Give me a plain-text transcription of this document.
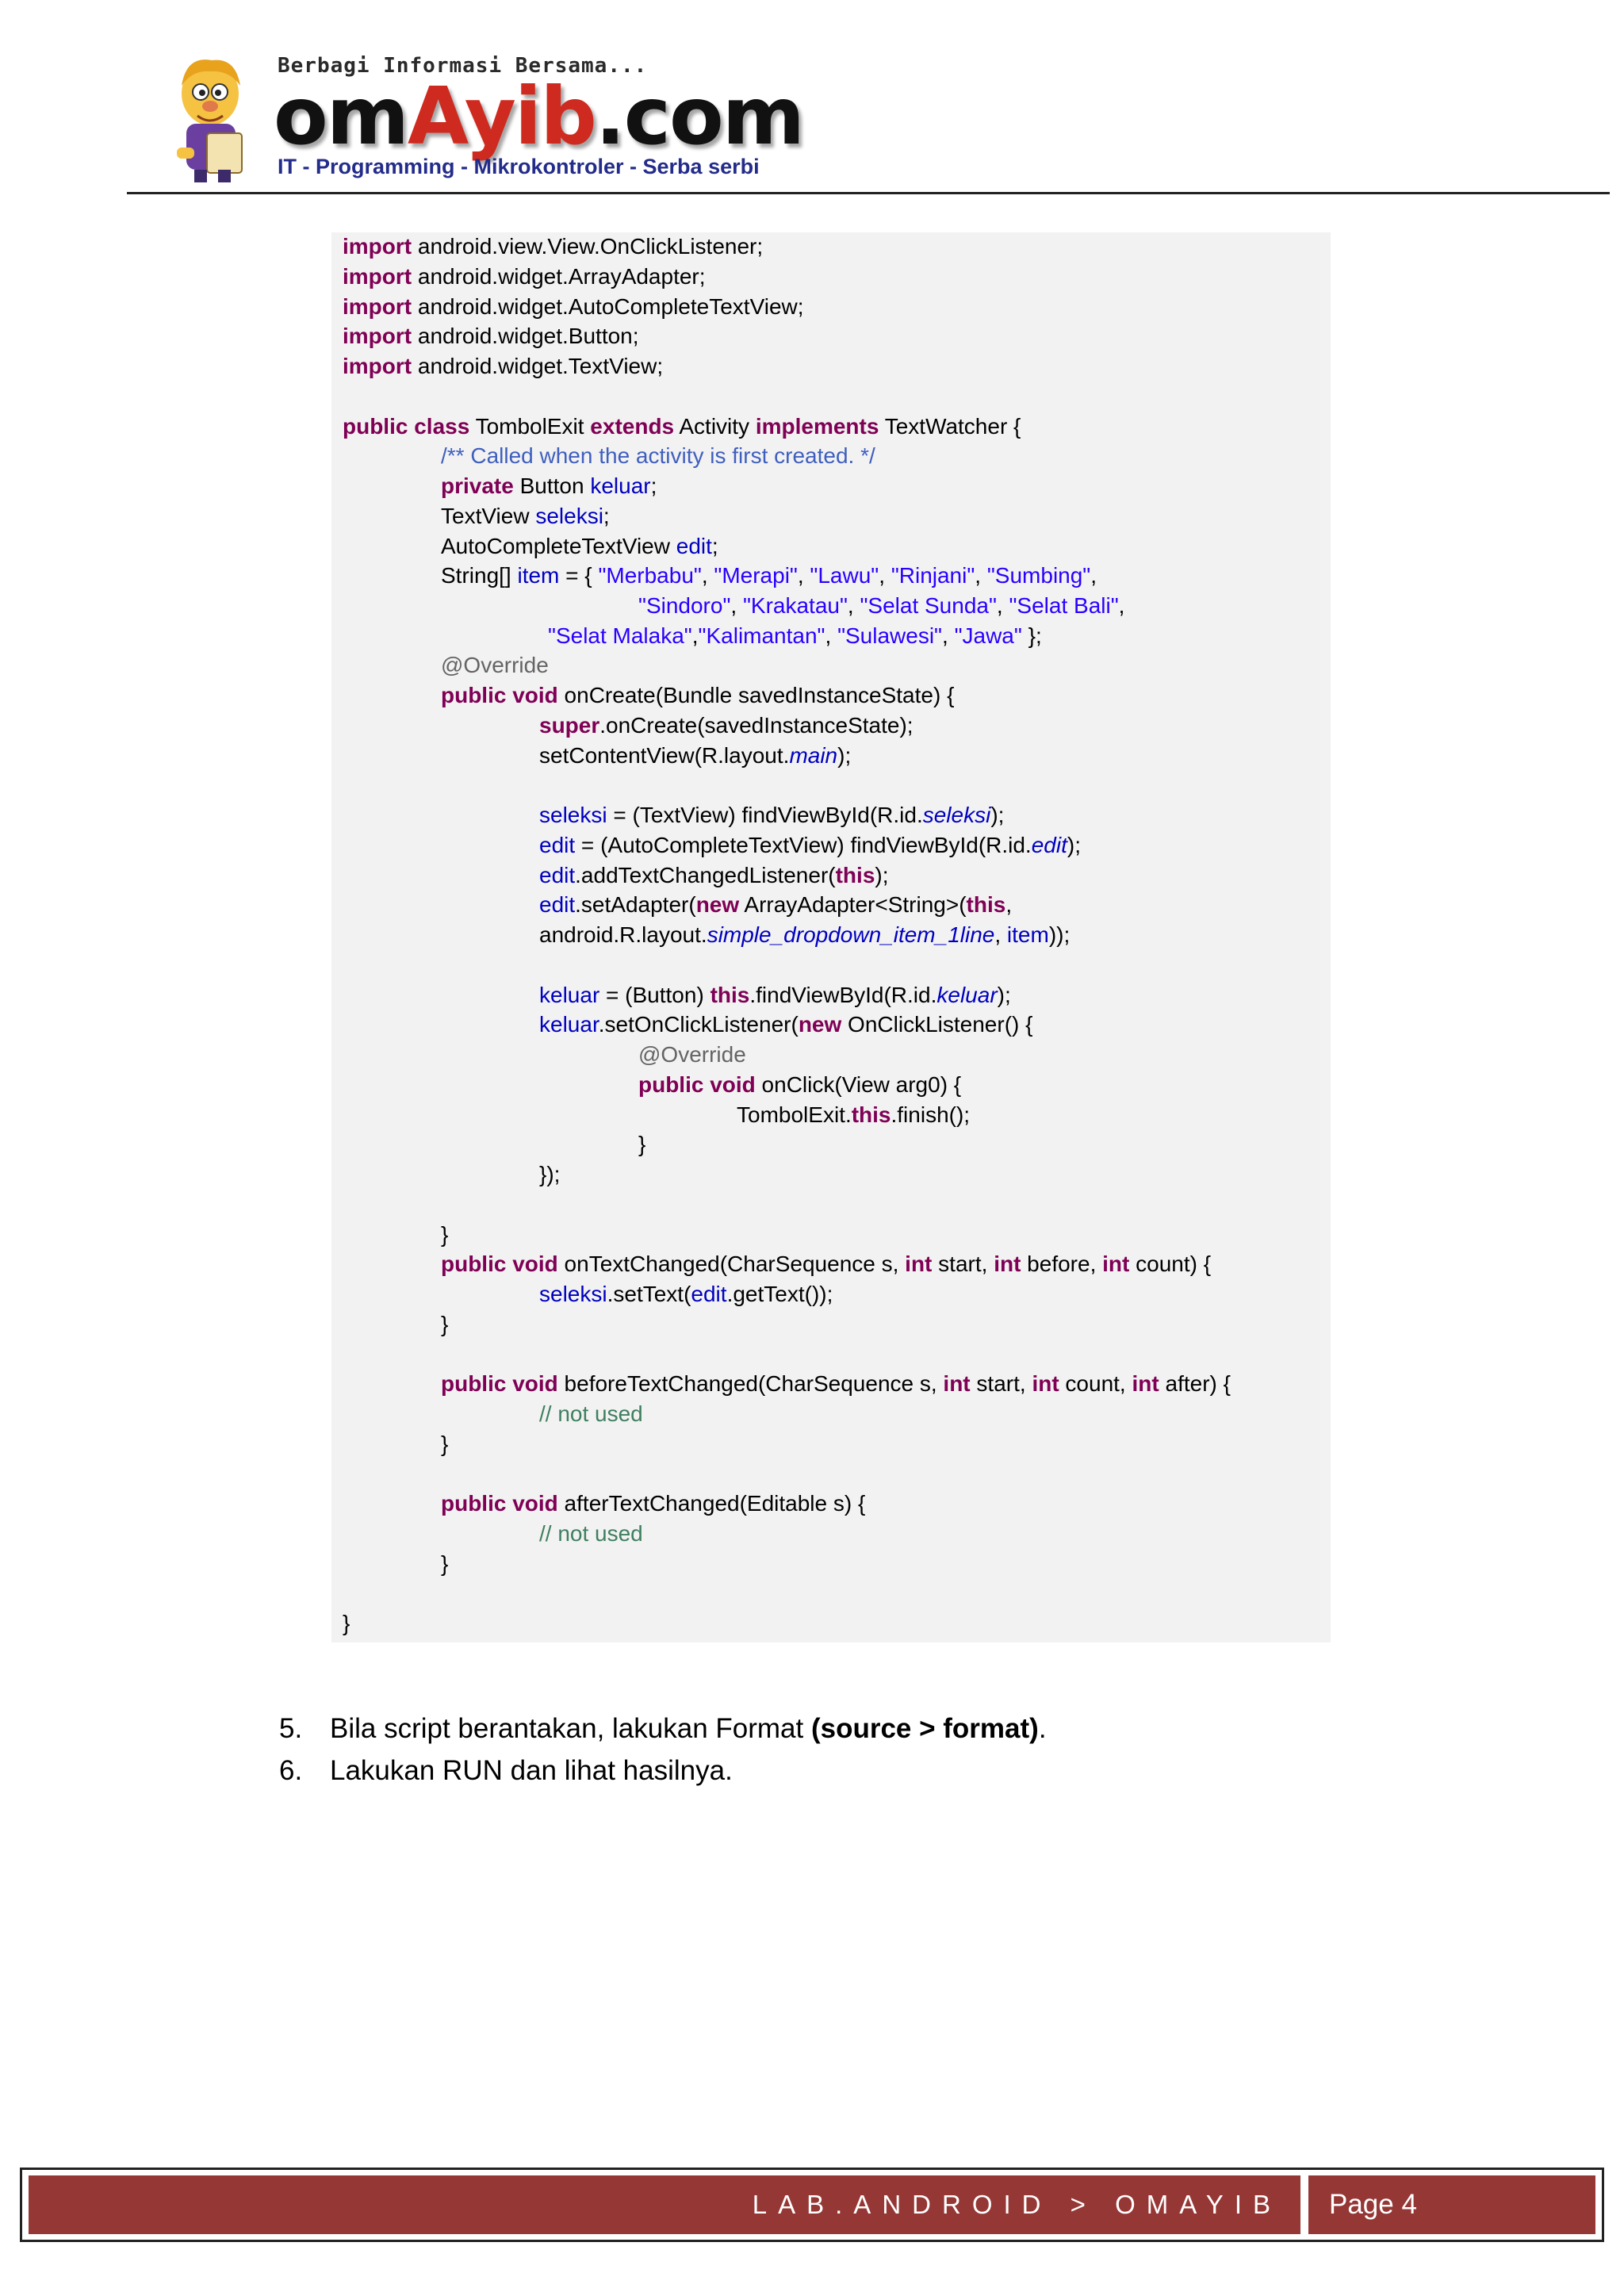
Berbagi Informasi Bersama...
omAyib.com
IT - Programming - Mikrokontroler - Serba serbi
import android.view.View.OnClickListener;
import android.widget.ArrayAdapter;
import android.widget.AutoCompleteTextView;
import android.widget.Button;
import android.widget.TextView;
public class TombolExit extends Activity implements TextWatcher {
/** Called when the activity is first created. */
private Button keluar;
TextView seleksi;
AutoCompleteTextView edit;
String[] item = { "Merbabu", "Merapi", "Lawu", "Rinjani", "Sumbing",
"Sindoro", "Krakatau", "Selat Sunda", "Selat Bali",
"Selat Malaka","Kalimantan", "Sulawesi", "Jawa" };
@Override
public void onCreate(Bundle savedInstanceState) {
super.onCreate(savedInstanceState);
setContentView(R.layout.main);
seleksi = (TextView) findViewById(R.id.seleksi);
edit = (AutoCompleteTextView) findViewById(R.id.edit);
edit.addTextChangedListener(this);
edit.setAdapter(new ArrayAdapter<String>(this,
android.R.layout.simple_dropdown_item_1line, item));
keluar = (Button) this.findViewById(R.id.keluar);
keluar.setOnClickListener(new OnClickListener() {
@Override
public void onClick(View arg0) {
TombolExit.this.finish();
}
});
}
public void onTextChanged(CharSequence s, int start, int before, int count) {
seleksi.setText(edit.getText());
}
public void beforeTextChanged(CharSequence s, int start, int count, int after) {
// not used
}
public void afterTextChanged(Editable s) {
// not used
}
}
5. Bila script berantakan, lakukan Format (source > format).
6. Lakukan RUN dan lihat hasilnya.
LAB.ANDROID > OMAYIB Page 4
